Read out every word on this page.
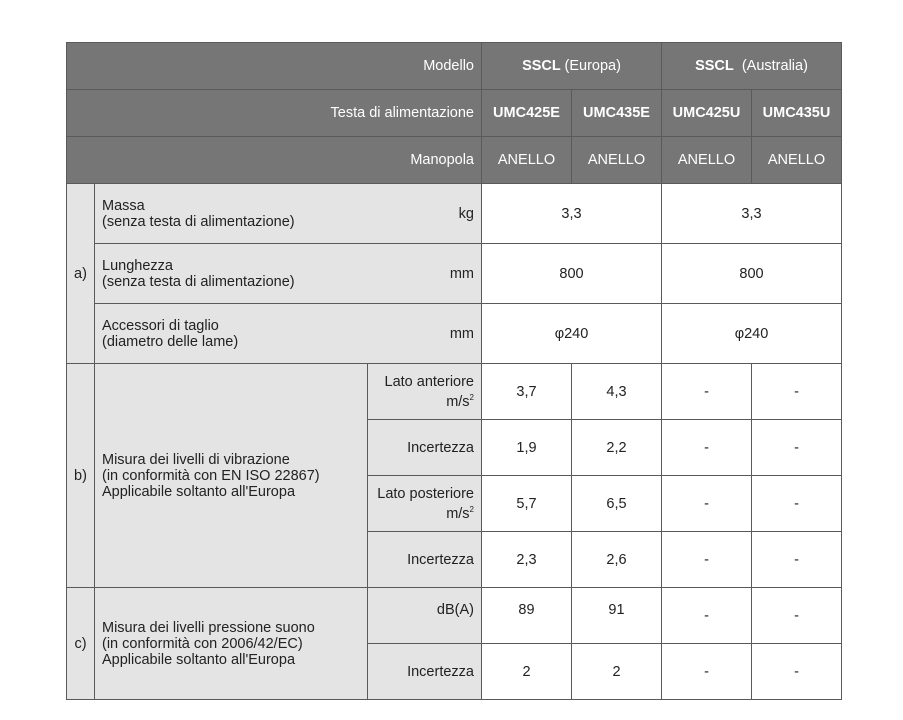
Modello			SSCL (Europa)		SSCL (Australia)	
Testa di alimentazione			UMC425E	UMC435E	UMC425U	UMC435U
Manopola			ANELLO	ANELLO	ANELLO	ANELLO
a)	Massa
(senza testa di alimentazione)	kg	3,3		3,3	
	Lunghezza
(senza testa di alimentazione)	mm	800		800	
	Accessori di taglio
(diametro delle lame)	mm	φ240		φ240	
b)	Misura dei livelli di vibrazione
(in conformità con EN ISO 22867)
Applicabile soltanto all'Europa	Lato anteriore
$m/s^2$	3,7	4,3	-	-
		Incertezza	1,9	2,2	-	-
		Lato posteriore
$m/s^2$	5,7	6,5	-	-
		Incertezza	2,3	2,6	-	-
c)	Misura dei livelli pressione suono
(in conformità con 2006/42/EC)
Applicabile soltanto all'Europa	dB(A)	89	91	-	-
		Incertezza	2	2	-	-
